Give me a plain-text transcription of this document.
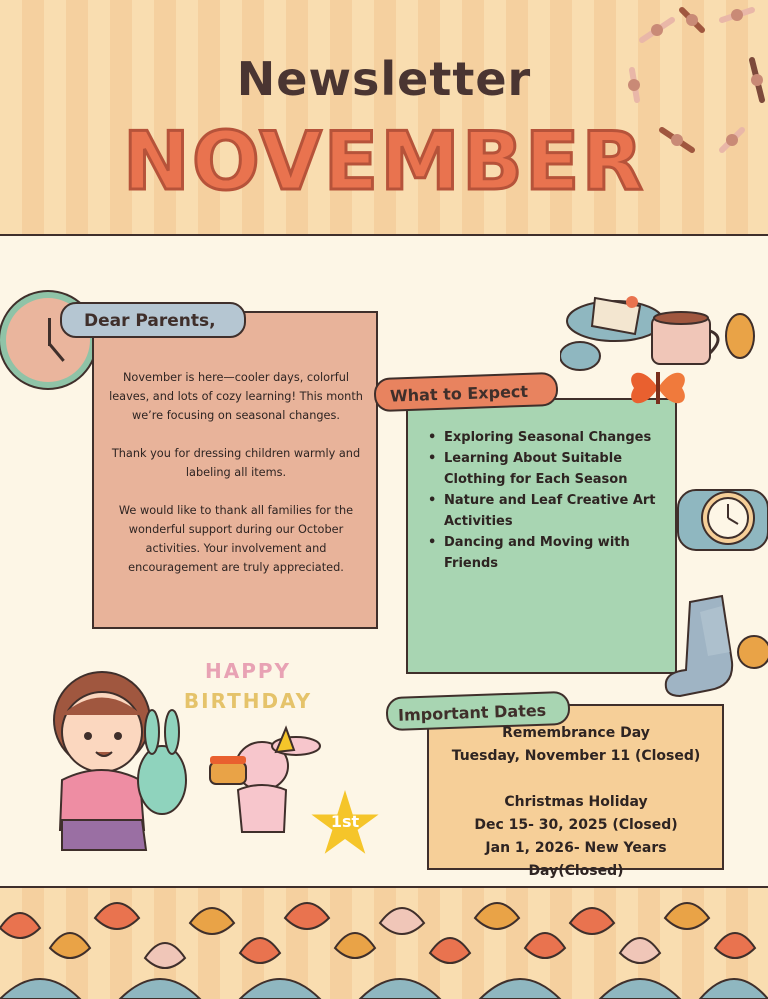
Newsletter
NOVEMBER
Dear Parents,

November is here—cooler days, colorful leaves, and lots of cozy learning! This month we’re focusing on seasonal changes.

Thank you for dressing children warmly and labeling all items.

We would like to thank all families for the wonderful support during our October activities. Your involvement and encouragement are truly appreciated.

What to Expect
• Exploring Seasonal Changes
• Learning About Suitable Clothing for Each Season
• Nature and Leaf Creative Art Activities
• Dancing and Moving with Friends
Important Dates
Remembrance Day
Tuesday, November 11 (Closed)
Christmas Holiday
Dec 15- 30, 2025 (Closed)
Jan 1, 2026- New Years Day(Closed)
HAPPY
BIRTHDAY
1st
